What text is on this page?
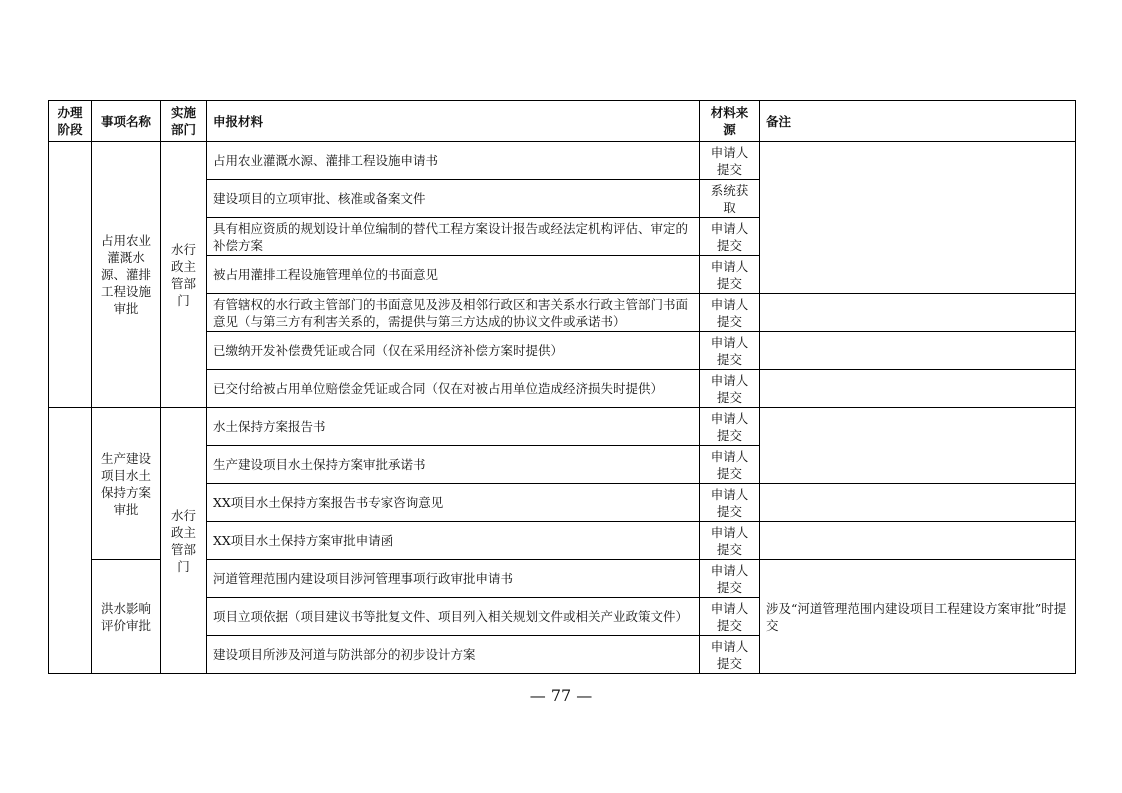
办理阶段	事项名称	实施部门	申报材料	材料来源	备注
	占用农业灌溉水源、灌排工程设施审批	水行政主管部门	占用农业灌溉水源、灌排工程设施申请书	申请人提交	
			建设项目的立项审批、核准或备案文件	系统获取	
			具有相应资质的规划设计单位编制的替代工程方案设计报告或经法定机构评估、审定的补偿方案	申请人提交	
			被占用灌排工程设施管理单位的书面意见	申请人提交	
			有管辖权的水行政主管部门的书面意见及涉及相邻行政区和害关系水行政主管部门书面意见（与第三方有利害关系的，需提供与第三方达成的协议文件或承诺书）	申请人提交	
			已缴纳开发补偿费凭证或合同（仅在采用经济补偿方案时提供）	申请人提交	
			已交付给被占用单位赔偿金凭证或合同（仅在对被占用单位造成经济损失时提供）	申请人提交	
	生产建设项目水土保持方案审批	水行政主管部门	水土保持方案报告书	申请人提交	
			生产建设项目水土保持方案审批承诺书	申请人提交	
			XX项目水土保持方案报告书专家咨询意见	申请人提交	
			XX项目水土保持方案审批申请函	申请人提交	
	洪水影响评价审批		河道管理范围内建设项目涉河管理事项行政审批申请书	申请人提交	涉及“河道管理范围内建设项目工程建设方案审批”时提交
			项目立项依据（项目建议书等批复文件、项目列入相关规划文件或相关产业政策文件）	申请人提交	
			建设项目所涉及河道与防洪部分的初步设计方案	申请人提交	
— 77 —
